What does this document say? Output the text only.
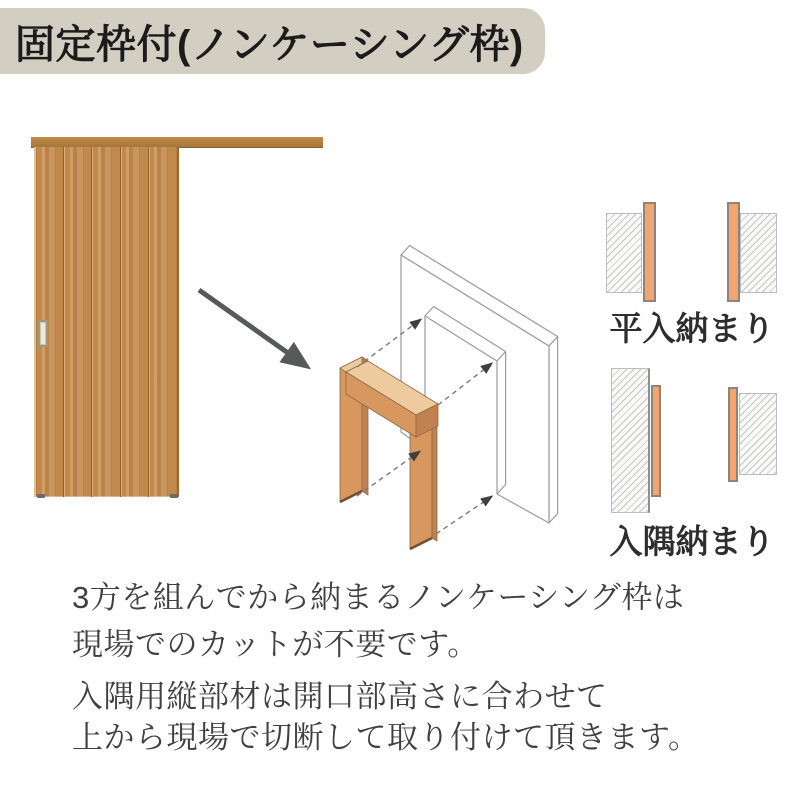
固定枠付(ノンケーシング枠)
平入納まり
入隅納まり
3方を組んでから納まるノンケーシング枠は
現場でのカットが不要です。
入隅用縦部材は開口部高さに合わせて
上から現場で切断して取り付けて頂きます。
